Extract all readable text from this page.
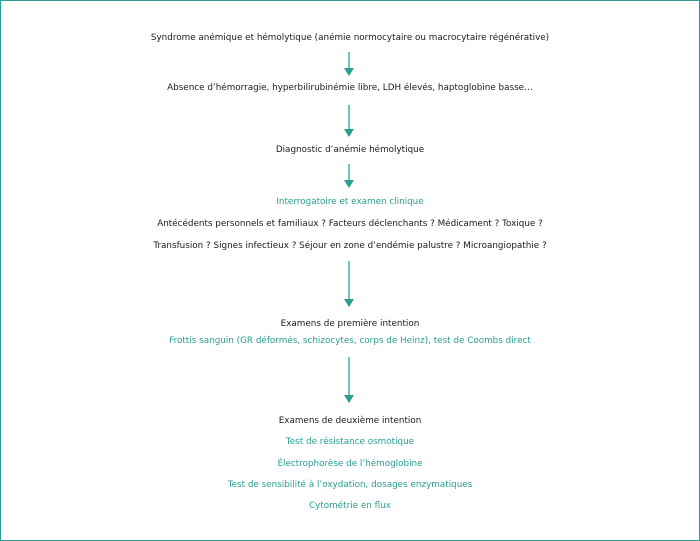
Syndrome anémique et hémolytique (anémie normocytaire ou macrocytaire régénérative)
Absence d’hémorragie, hyperbilirubinémie libre, LDH élevés, haptoglobine basse…
Diagnostic d’anémie hémolytique
Interrogatoire et examen clinique
Antécédents personnels et familiaux ? Facteurs déclenchants ? Médicament ? Toxique ?
Transfusion ? Signes infectieux ? Séjour en zone d’endémie palustre ? Microangiopathie ?
Examens de première intention
Frottis sanguin (GR déformés, schizocytes, corps de Heinz), test de Coombs direct
Examens de deuxième intention
Test de résistance osmotique
Électrophorèse de l’hémoglobine
Test de sensibilité à l’oxydation, dosages enzymatiques
Cytométrie en flux
